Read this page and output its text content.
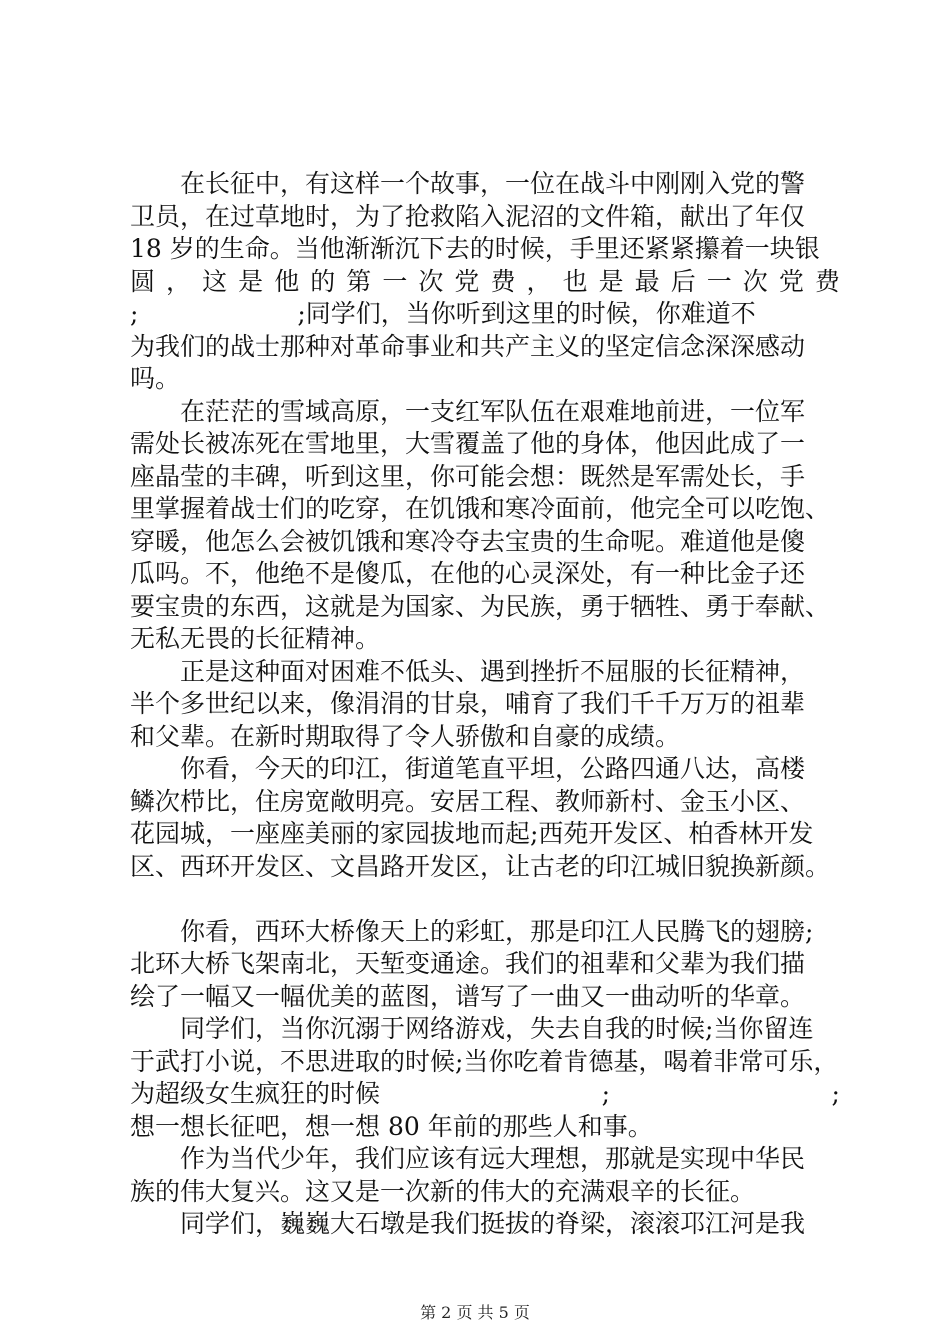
在长征中，有这样一个故事，一位在战斗中刚刚入党的警
卫员，在过草地时，为了抢救陷入泥沼的文件箱，献出了年仅
18 岁的生命。当他渐渐沉下去的时候，手里还紧紧攥着一块银
圆 ， 这 是 他 的 第 一 次 党 费 ， 也 是 最 后 一 次 党 费
;                    ;同学们，当你听到这里的时候，你难道不
为我们的战士那种对革命事业和共产主义的坚定信念深深感动
吗。
在茫茫的雪域高原，一支红军队伍在艰难地前进，一位军
需处长被冻死在雪地里，大雪覆盖了他的身体，他因此成了一
座晶莹的丰碑，听到这里，你可能会想：既然是军需处长，手
里掌握着战士们的吃穿，在饥饿和寒冷面前，他完全可以吃饱、
穿暖，他怎么会被饥饿和寒冷夺去宝贵的生命呢。难道他是傻
瓜吗。不，他绝不是傻瓜，在他的心灵深处，有一种比金子还
要宝贵的东西，这就是为国家、为民族，勇于牺牲、勇于奉献、
无私无畏的长征精神。
正是这种面对困难不低头、遇到挫折不屈服的长征精神，
半个多世纪以来，像涓涓的甘泉，哺育了我们千千万万的祖辈
和父辈。在新时期取得了令人骄傲和自豪的成绩。
你看，今天的印江，街道笔直平坦，公路四通八达，高楼
鳞次栉比，住房宽敞明亮。安居工程、教师新村、金玉小区、
花园城，一座座美丽的家园拔地而起;西苑开发区、柏香林开发
区、西环开发区、文昌路开发区，让古老的印江城旧貌换新颜。
你看，西环大桥像天上的彩虹，那是印江人民腾飞的翅膀;
北环大桥飞架南北，天堑变通途。我们的祖辈和父辈为我们描
绘了一幅又一幅优美的蓝图，谱写了一曲又一曲动听的华章。
同学们，当你沉溺于网络游戏，失去自我的时候;当你留连
于武打小说，不思进取的时候;当你吃着肯德基，喝着非常可乐，
为超级女生疯狂的时候	;	;
想一想长征吧，想一想 80 年前的那些人和事。
作为当代少年，我们应该有远大理想，那就是实现中华民
族的伟大复兴。这又是一次新的伟大的充满艰辛的长征。
同学们，巍巍大石墩是我们挺拔的脊梁，滚滚邛江河是我
第 2 页 共 5 页
